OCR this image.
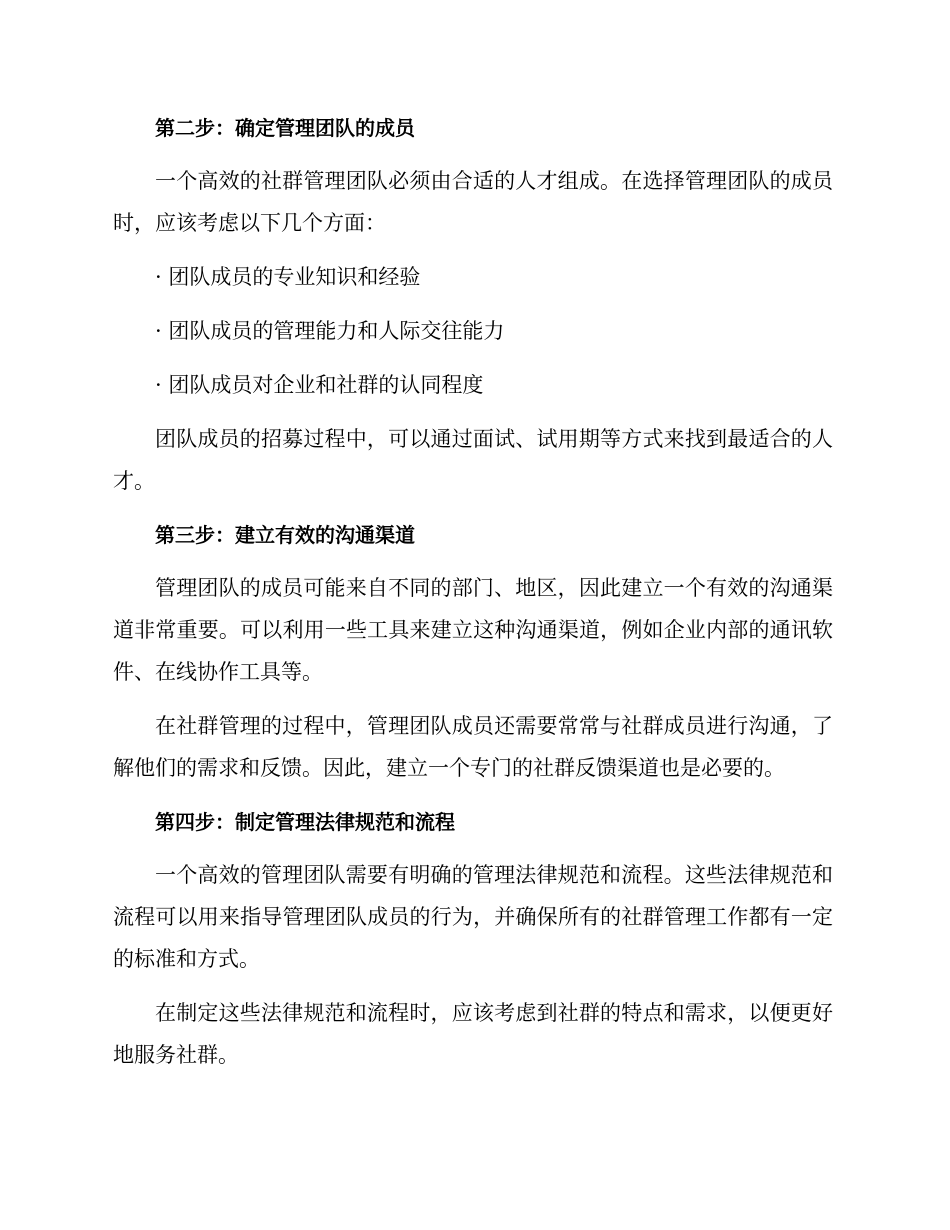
第二步：确定管理团队的成员

一个高效的社群管理团队必须由合适的人才组成。在选择管理团队的成员时，应该考虑以下几个方面：

· 团队成员的专业知识和经验

· 团队成员的管理能力和人际交往能力

· 团队成员对企业和社群的认同程度

团队成员的招募过程中，可以通过面试、试用期等方式来找到最适合的人才。

第三步：建立有效的沟通渠道

管理团队的成员可能来自不同的部门、地区，因此建立一个有效的沟通渠道非常重要。可以利用一些工具来建立这种沟通渠道，例如企业内部的通讯软件、在线协作工具等。

在社群管理的过程中，管理团队成员还需要常常与社群成员进行沟通，了解他们的需求和反馈。因此，建立一个专门的社群反馈渠道也是必要的。

第四步：制定管理法律规范和流程

一个高效的管理团队需要有明确的管理法律规范和流程。这些法律规范和流程可以用来指导管理团队成员的行为，并确保所有的社群管理工作都有一定的标准和方式。

在制定这些法律规范和流程时，应该考虑到社群的特点和需求，以便更好地服务社群。
